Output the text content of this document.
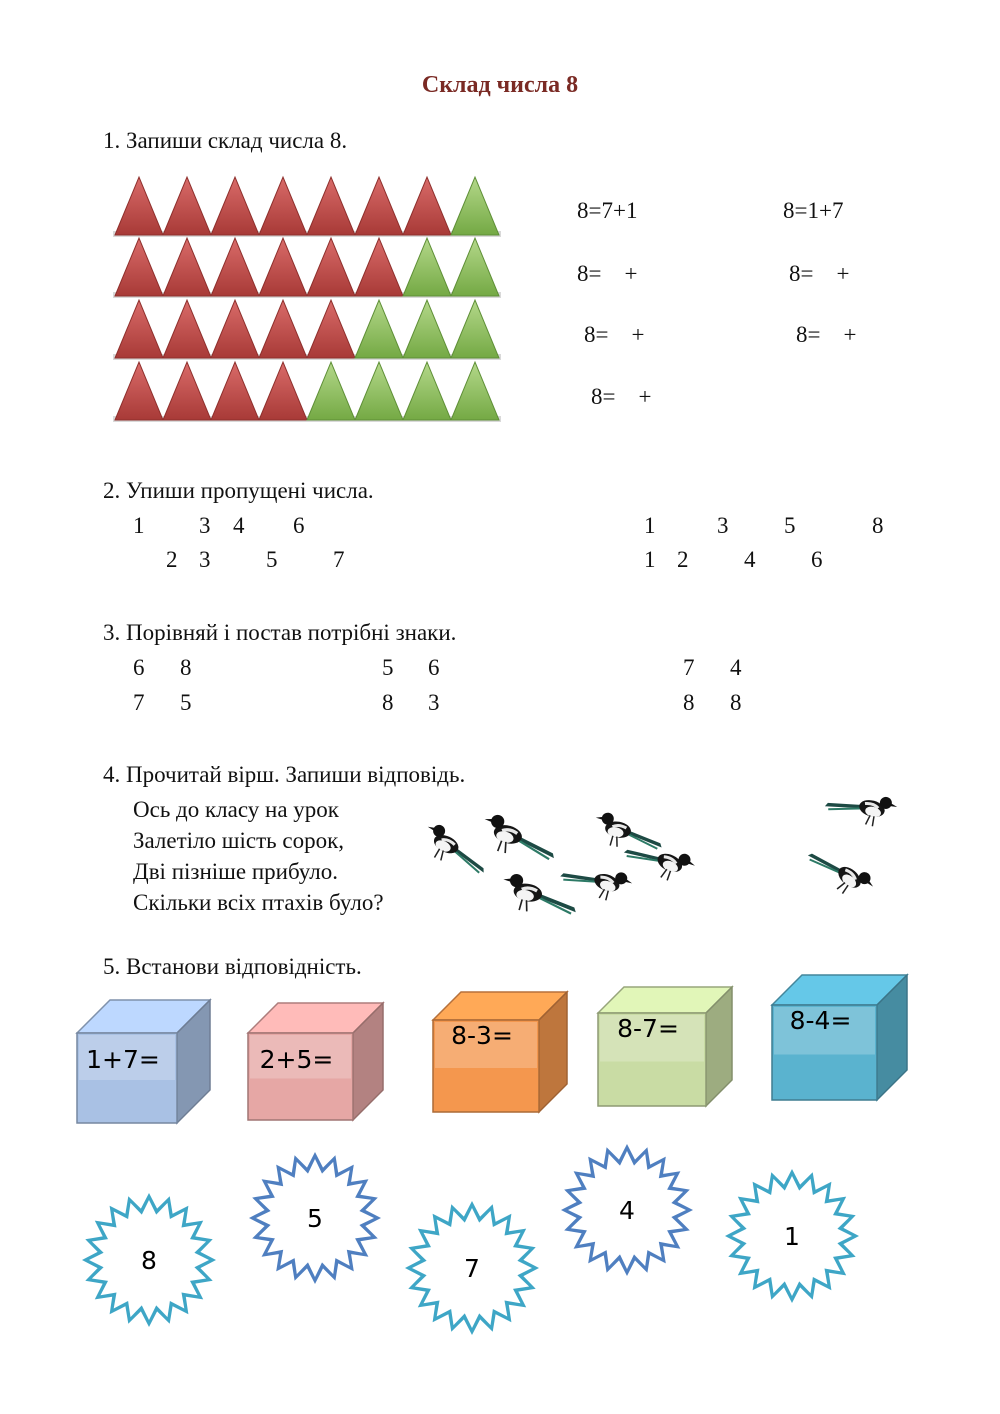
Склад числа 8
1. Запиши склад числа 8.
8=7+1	8=1+7
8=    +	8=    +
8=    +	8=    +
8=    +
2. Упиши пропущені числа.
1 3 4 6
2 3 5 7
1	3 5	8
1 2 4 6
3. Порівняй і постав потрібні знаки.
6 8	5 6	7 4
7 5	8 3	8 8
4. Прочитай вірш. Запиши відповідь.
Ось до класу на урок
Залетіло шість сорок,
Дві пізніше прибуло.
Скільки всіх птахів було?
5. Встанови відповідність.
1+7=	2+5=
8-3=	8-7=	8-4=
8
5
7
4
1
